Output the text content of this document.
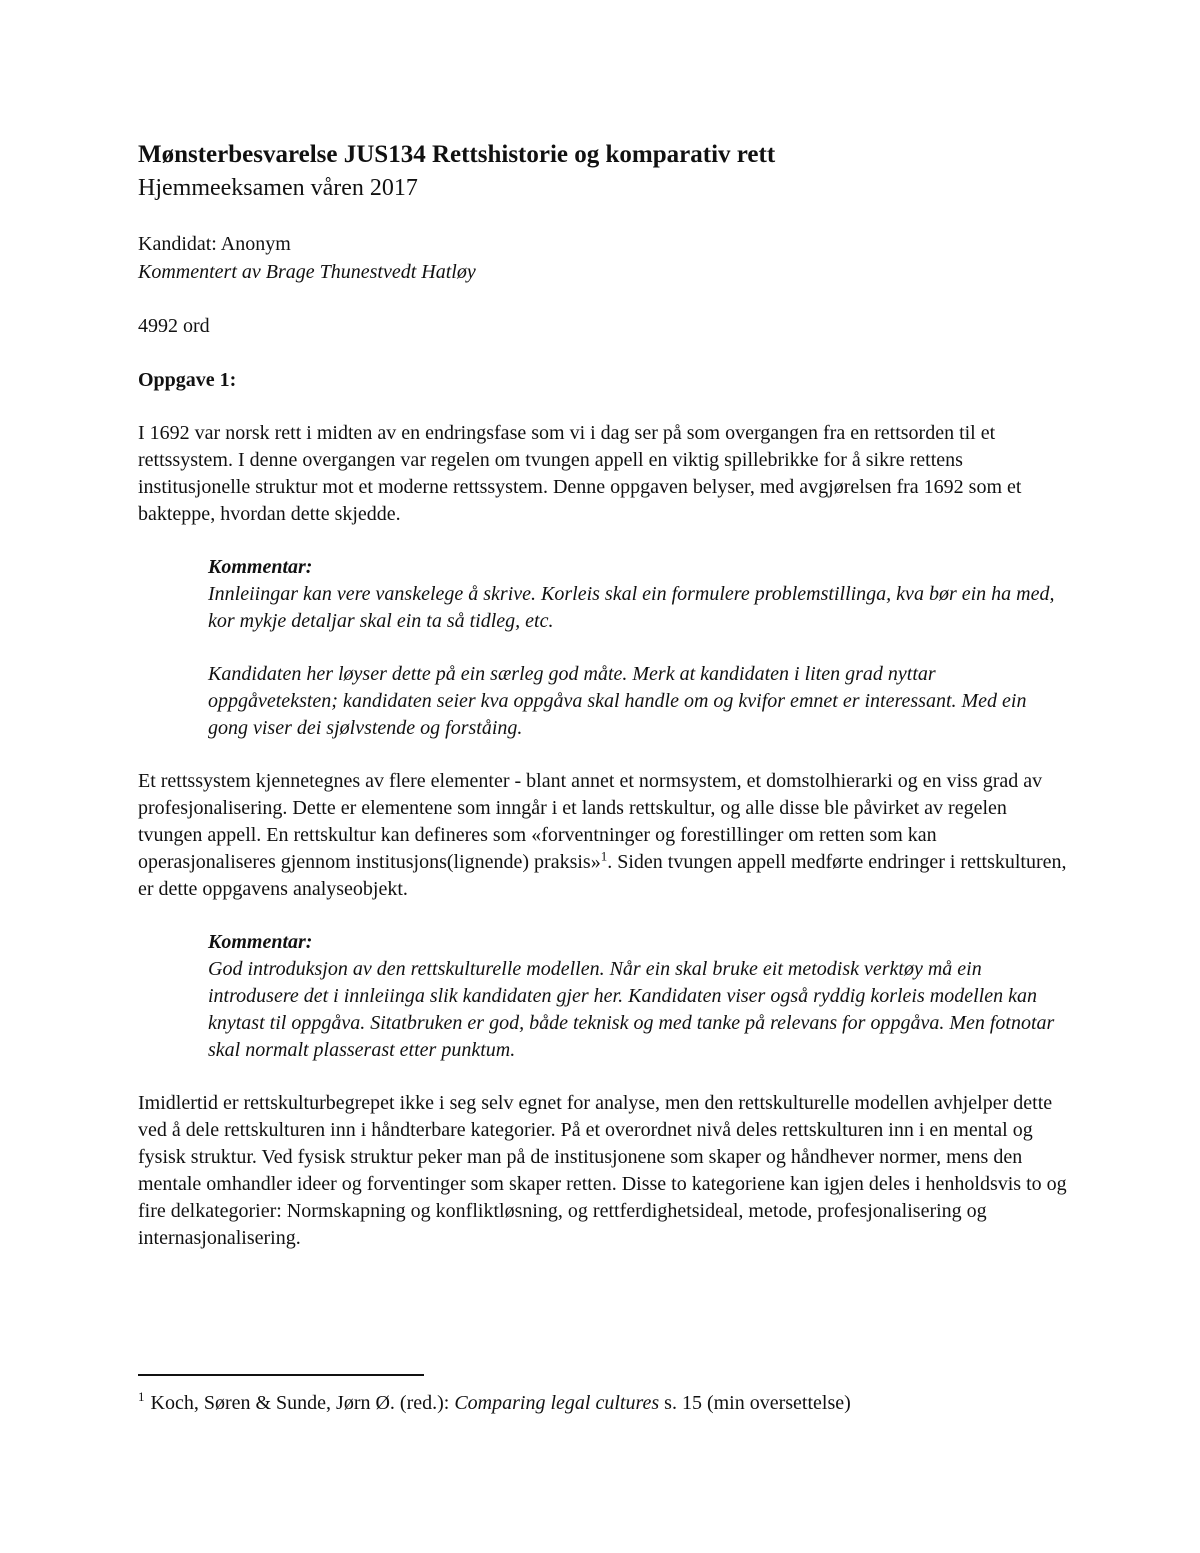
Mønsterbesvarelse JUS134 Rettshistorie og komparativ rett

Hjemmeeksamen våren 2017

Kandidat: Anonym

Kommentert av Brage Thunestvedt Hatløy

4992 ord

Oppgave 1:

I 1692 var norsk rett i midten av en endringsfase som vi i dag ser på som overgangen fra en rettsorden til et rettssystem. I denne overgangen var regelen om tvungen appell en viktig spillebrikke for å sikre rettens institusjonelle struktur mot et moderne rettssystem. Denne oppgaven belyser, med avgjørelsen fra 1692 som et bakteppe, hvordan dette skjedde.

Kommentar:

Innleiingar kan vere vanskelege å skrive. Korleis skal ein formulere problemstillinga, kva bør ein ha med, kor mykje detaljar skal ein ta så tidleg, etc.

Kandidaten her løyser dette på ein særleg god måte. Merk at kandidaten i liten grad nyttar oppgåveteksten; kandidaten seier kva oppgåva skal handle om og kvifor emnet er interessant. Med ein gong viser dei sjølvstende og forståing.

Et rettssystem kjennetegnes av flere elementer - blant annet et normsystem, et domstolhierarki og en viss grad av profesjonalisering. Dette er elementene som inngår i et lands rettskultur, og alle disse ble påvirket av regelen tvungen appell. En rettskultur kan defineres som «forventninger og forestillinger om retten som kan operasjonaliseres gjennom institusjons(lignende) praksis»$^1$. Siden tvungen appell medførte endringer i rettskulturen, er dette oppgavens analyseobjekt.

Kommentar:

God introduksjon av den rettskulturelle modellen. Når ein skal bruke eit metodisk verktøy må ein introdusere det i innleiinga slik kandidaten gjer her. Kandidaten viser også ryddig korleis modellen kan knytast til oppgåva. Sitatbruken er god, både teknisk og med tanke på relevans for oppgåva. Men fotnotar skal normalt plasserast etter punktum.

Imidlertid er rettskulturbegrepet ikke i seg selv egnet for analyse, men den rettskulturelle modellen avhjelper dette ved å dele rettskulturen inn i håndterbare kategorier. På et overordnet nivå deles rettskulturen inn i en mental og fysisk struktur. Ved fysisk struktur peker man på de institusjonene som skaper og håndhever normer, mens den mentale omhandler ideer og forventinger som skaper retten. Disse to kategoriene kan igjen deles i henholdsvis to og fire delkategorier: Normskapning og konfliktløsning, og rettferdighetsideal, metode, profesjonalisering og internasjonalisering.

$^1$ Koch, Søren & Sunde, Jørn Ø. (red.): Comparing legal cultures s. 15 (min oversettelse)
